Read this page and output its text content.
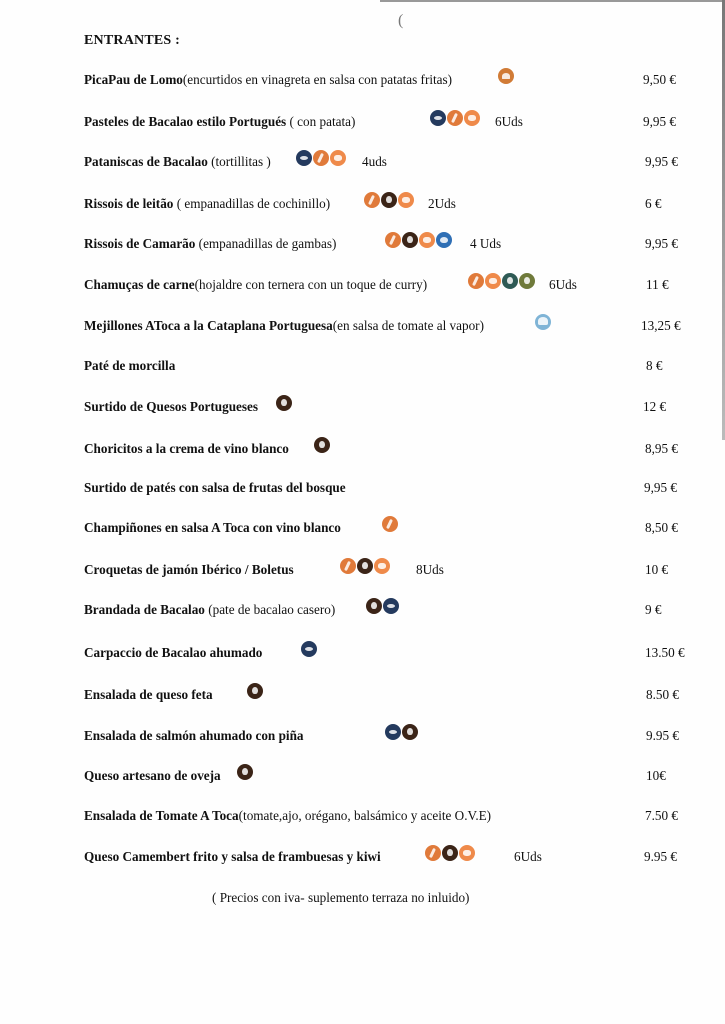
(
ENTRANTES :
PicaPau de Lomo(encurtidos en vinagreta en salsa con patatas fritas)	9,50 €
Pasteles de Bacalao estilo Portugués ( con patata)	6Uds	9,95 €
Pataniscas de Bacalao (tortillitas )	4uds	9,95 €
Rissois de leitão ( empanadillas de cochinillo)	2Uds	6 €
Rissois de Camarão (empanadillas de gambas)	4 Uds	9,95 €
Chamuças de carne(hojaldre con ternera con un toque de curry)	6Uds	11 €
Mejillones AToca a la Cataplana Portuguesa(en salsa de tomate al vapor)	13,25 €
Paté de morcilla	8 €
Surtido de Quesos Portugueses	12 €
Choricitos a la crema de vino blanco	8,95 €
Surtido de patés con salsa de frutas del bosque	9,95 €
Champiñones en salsa A Toca con vino blanco	8,50 €
Croquetas de jamón Ibérico / Boletus	8Uds	10 €
Brandada de Bacalao (pate de bacalao casero)	9 €
Carpaccio de Bacalao ahumado	13.50 €
Ensalada de queso feta	8.50 €
Ensalada de salmón ahumado con piña	9.95 €
Queso artesano de oveja	10€
Ensalada de Tomate A Toca(tomate,ajo, orégano, balsámico y aceite O.V.E)	7.50 €
Queso Camembert frito y salsa de frambuesas y kiwi	6Uds	9.95 €
( Precios con iva- suplemento terraza no inluido)
